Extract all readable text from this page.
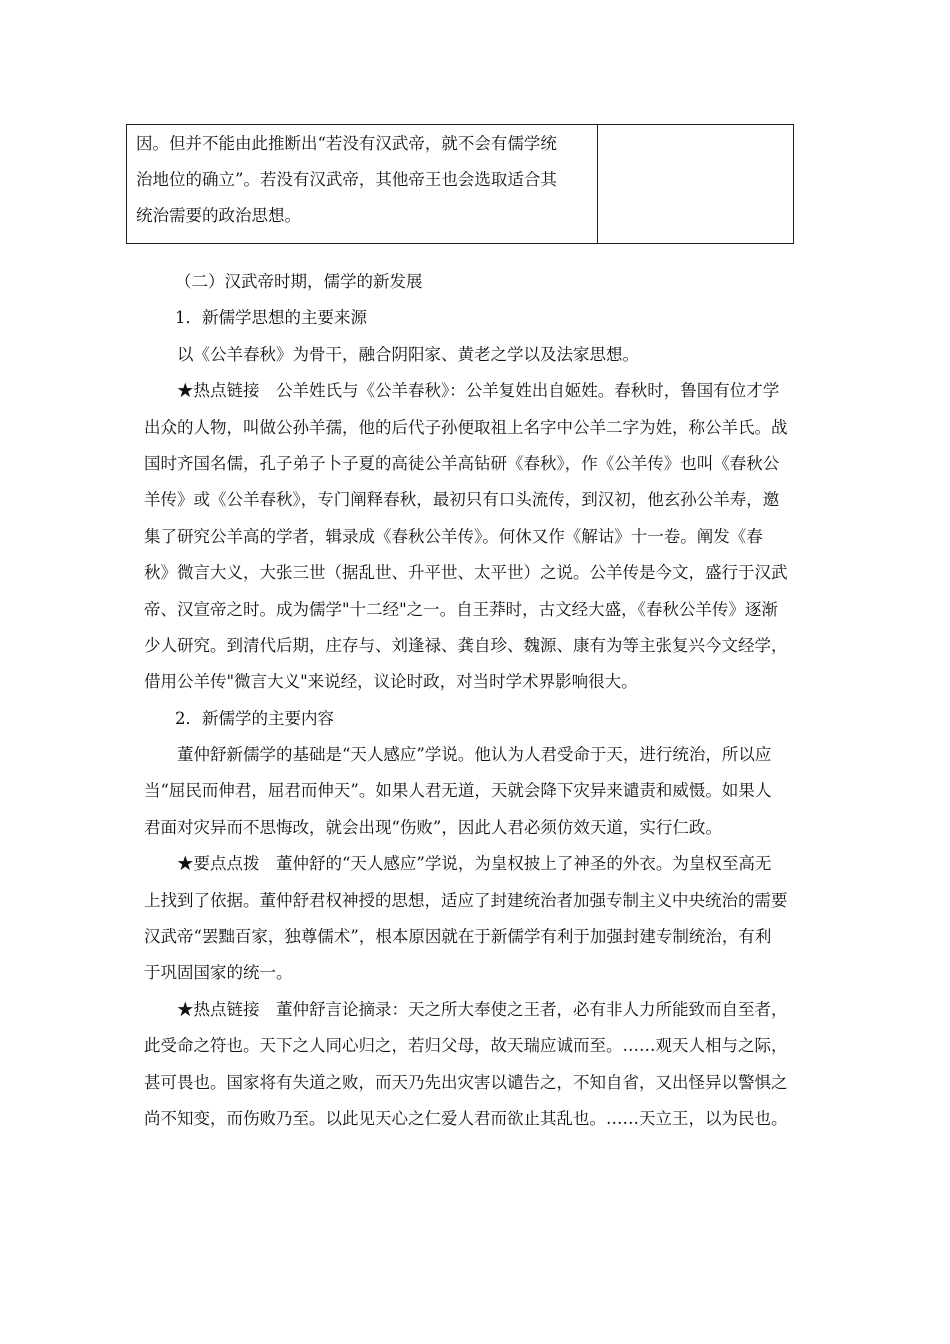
因。但并不能由此推断出“若没有汉武帝，就不会有儒学统
治地位的确立”。若没有汉武帝，其他帝王也会选取适合其
统治需要的政治思想。
（二）汉武帝时期，儒学的新发展
1．新儒学思想的主要来源
以《公羊春秋》为骨干，融合阴阳家、黄老之学以及法家思想。
★热点链接　公羊姓氏与《公羊春秋》：公羊复姓出自姬姓。春秋时，鲁国有位才学
出众的人物，叫做公孙羊孺，他的后代子孙便取祖上名字中公羊二字为姓，称公羊氏。战
国时齐国名儒，孔子弟子卜子夏的高徒公羊高钻研《春秋》，作《公羊传》也叫《春秋公
羊传》或《公羊春秋》，专门阐释春秋，最初只有口头流传，到汉初，他玄孙公羊寿，邀
集了研究公羊高的学者，辑录成《春秋公羊传》。何休又作《解诂》十一卷。阐发《春
秋》微言大义，大张三世（据乱世、升平世、太平世）之说。公羊传是今文，盛行于汉武
帝、汉宣帝之时。成为儒学"十二经"之一。自王莽时，古文经大盛，《春秋公羊传》逐渐
少人研究。到清代后期，庄存与、刘逢禄、龚自珍、魏源、康有为等主张复兴今文经学，
借用公羊传"微言大义"来说经，议论时政，对当时学术界影响很大。
2．新儒学的主要内容
董仲舒新儒学的基础是“天人感应”学说。他认为人君受命于天，进行统治，所以应
当“屈民而伸君，屈君而伸天”。如果人君无道，天就会降下灾异来谴责和威慑。如果人
君面对灾异而不思悔改，就会出现“伤败”，因此人君必须仿效天道，实行仁政。
★要点点拨　董仲舒的“天人感应”学说，为皇权披上了神圣的外衣。为皇权至高无
上找到了依据。董仲舒君权神授的思想，适应了封建统治者加强专制主义中央统治的需要
汉武帝“罢黜百家，独尊儒术”，根本原因就在于新儒学有利于加强封建专制统治，有利
于巩固国家的统一。
★热点链接　董仲舒言论摘录：天之所大奉使之王者，必有非人力所能致而自至者，
此受命之符也。天下之人同心归之，若归父母，故天瑞应诚而至。……观天人相与之际，
甚可畏也。国家将有失道之败，而天乃先出灾害以谴告之，不知自省，又出怪异以警惧之
尚不知变，而伤败乃至。以此见天心之仁爱人君而欲止其乱也。……天立王，以为民也。
